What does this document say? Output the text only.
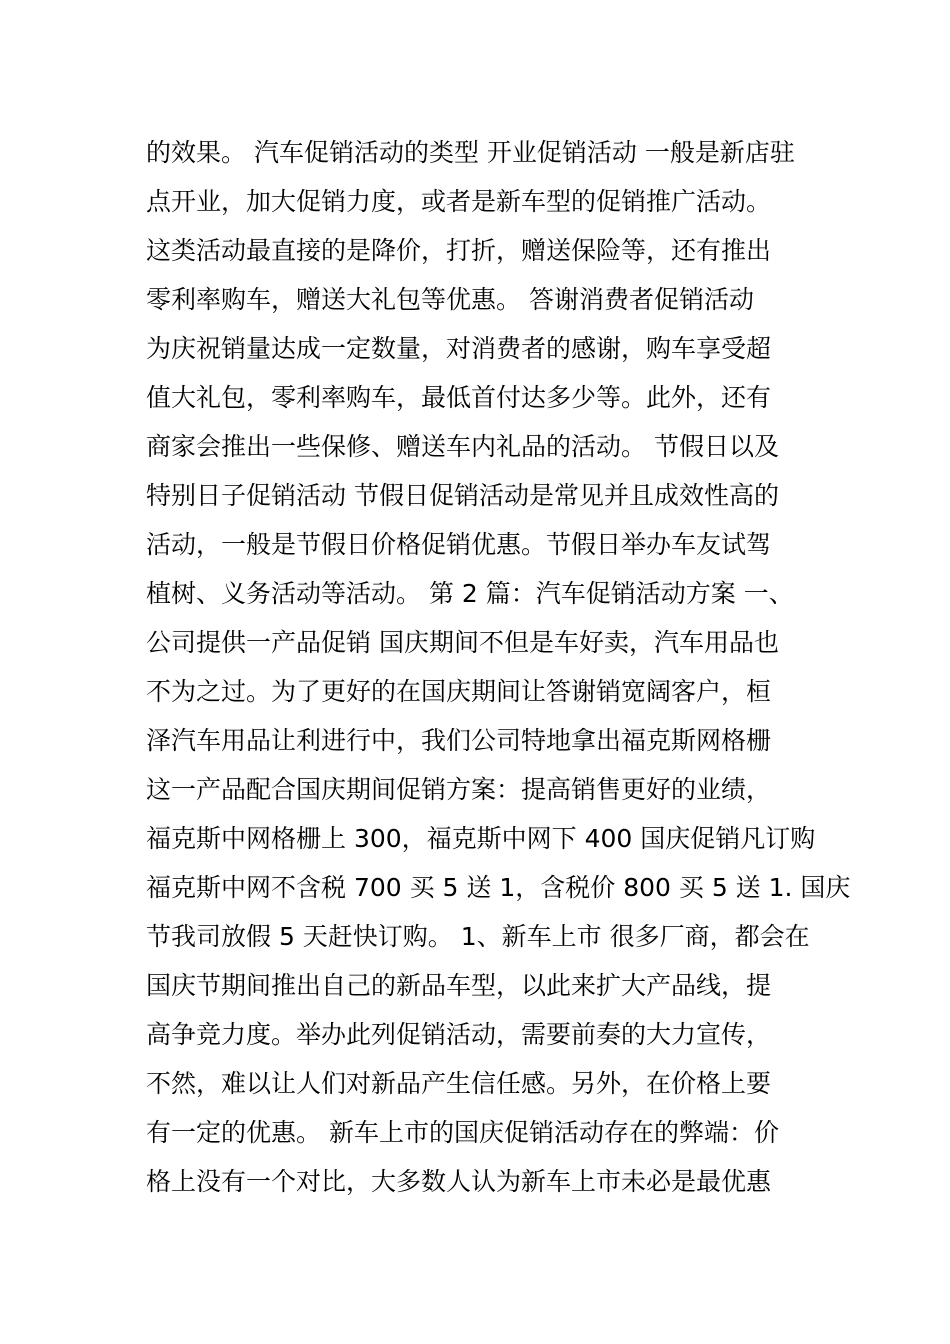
的效果。 汽车促销活动的类型 开业促销活动 一般是新店驻
点开业，加大促销力度，或者是新车型的促销推广活动。
这类活动最直接的是降价，打折，赠送保险等，还有推出
零利率购车，赠送大礼包等优惠。 答谢消费者促销活动
为庆祝销量达成一定数量，对消费者的感谢，购车享受超
值大礼包，零利率购车，最低首付达多少等。此外，还有
商家会推出一些保修、赠送车内礼品的活动。 节假日以及
特别日子促销活动 节假日促销活动是常见并且成效性高的
活动，一般是节假日价格促销优惠。节假日举办车友试驾
植树、义务活动等活动。 第 2 篇：汽车促销活动方案 一、
公司提供一产品促销 国庆期间不但是车好卖，汽车用品也
不为之过。为了更好的在国庆期间让答谢销宽阔客户，桓
泽汽车用品让利进行中，我们公司特地拿出福克斯网格栅
这一产品配合国庆期间促销方案：提高销售更好的业绩，
福克斯中网格栅上 300，福克斯中网下 400 国庆促销凡订购
福克斯中网不含税 700 买 5 送 1，含税价 800 买 5 送 1. 国庆
节我司放假 5 天赶快订购。 1、新车上市 很多厂商，都会在
国庆节期间推出自己的新品车型，以此来扩大产品线，提
高争竞力度。举办此列促销活动，需要前奏的大力宣传，
不然，难以让人们对新品产生信任感。另外，在价格上要
有一定的优惠。 新车上市的国庆促销活动存在的弊端：价
格上没有一个对比，大多数人认为新车上市未必是最优惠
